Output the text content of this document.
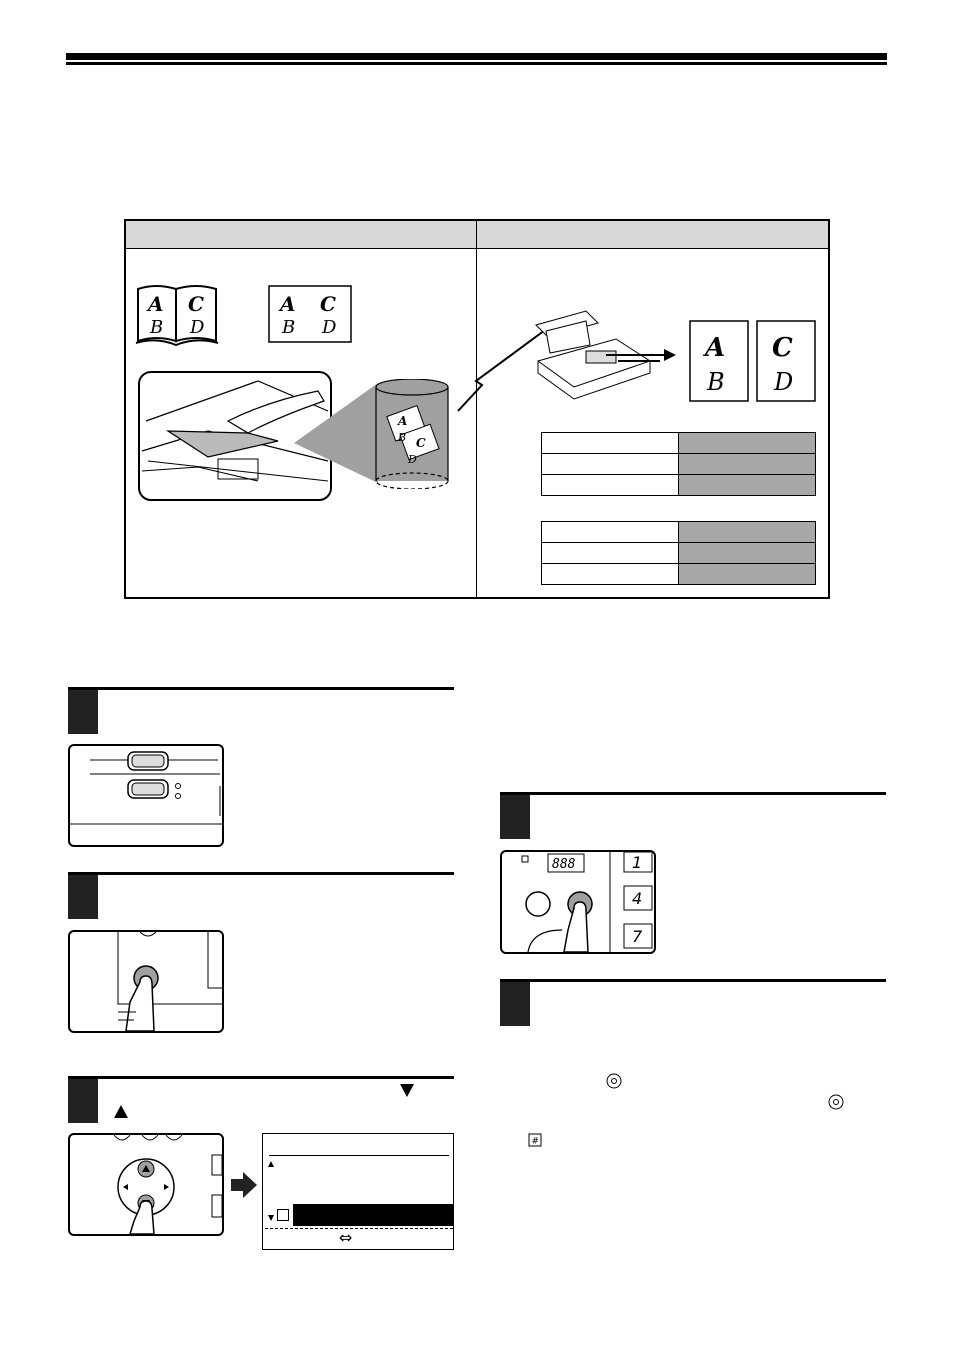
A C
B D
A C
B D
A
B C
D
A
B
C
D

⇔
888	1
4
7
#
